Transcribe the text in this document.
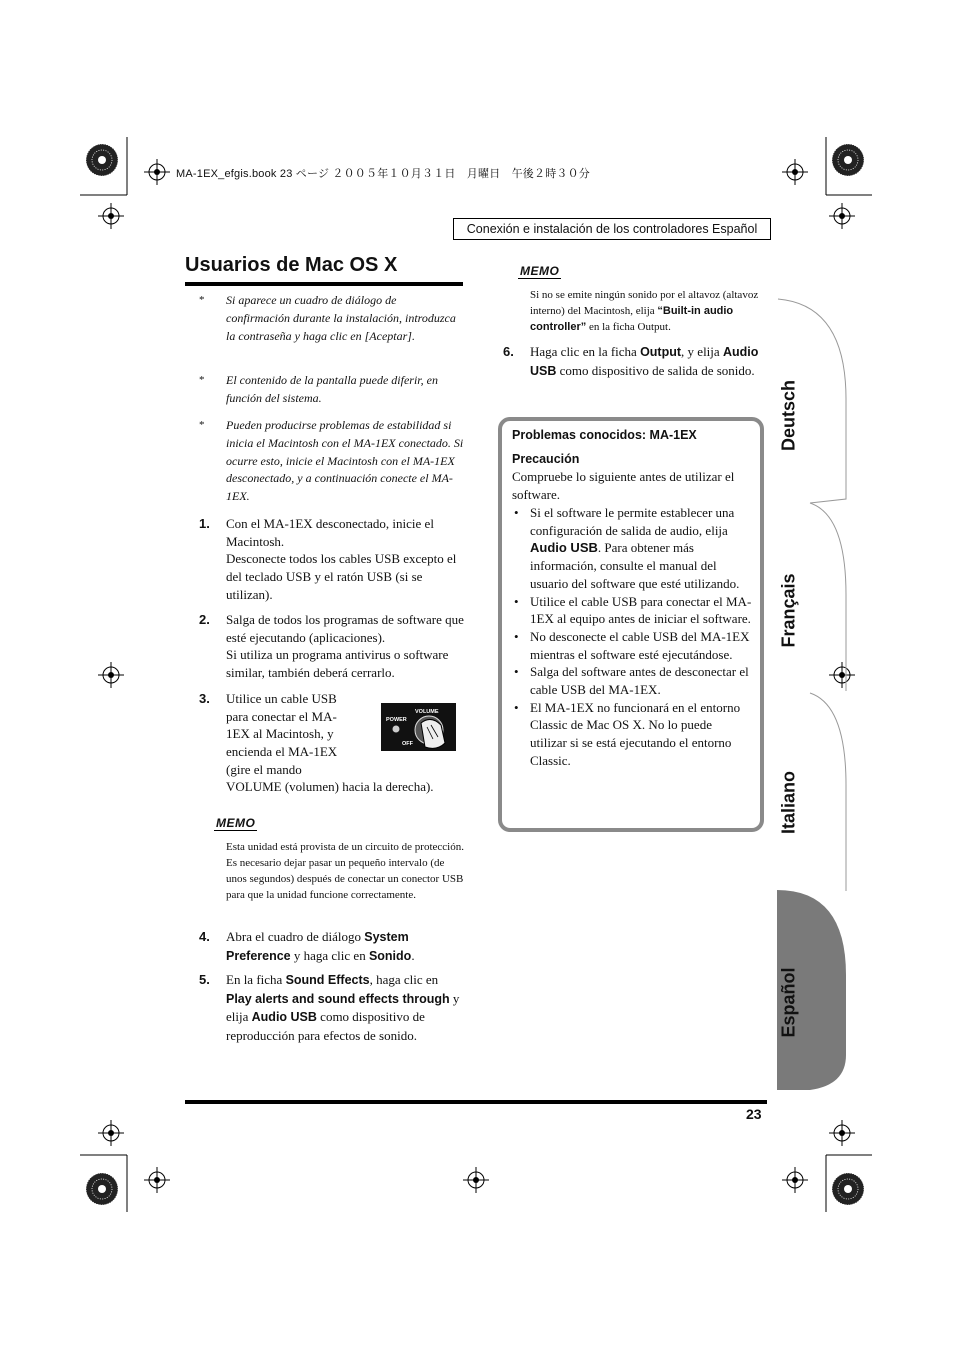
MA-1EX_efgis.book 23 ページ ２００５年１０月３１日　月曜日　午後２時３０分
Conexión e instalación de los controladores Español
Usuarios de Mac OS X
* Si aparece un cuadro de diálogo de confirmación durante la instalación, introduzca la contraseña y haga clic en [Aceptar].
* El contenido de la pantalla puede diferir, en función del sistema.
* Pueden producirse problemas de estabilidad si inicia el Macintosh con el MA-1EX conectado. Si ocurre esto, inicie el Macintosh con el MA-1EX desconectado, y a continuación conecte el MA-1EX.
1. Con el MA-1EX desconectado, inicie el Macintosh.
Desconecte todos los cables USB excepto el del teclado USB y el ratón USB (si se utilizan).
2. Salga de todos los programas de software que esté ejecutando (aplicaciones).
Si utiliza un programa antivirus o software similar, también deberá cerrarlo.
3. Utilice un cable USB para conectar el MA-1EX al Macintosh, y encienda el MA-1EX (gire el mando
VOLUME (volumen) hacia la derecha).
VOLUME
POWER
OFF
MEMO
Esta unidad está provista de un circuito de protección. Es necesario dejar pasar un pequeño intervalo (de unos segundos) después de conectar un conector USB para que la unidad funcione correctamente.
4. Abra el cuadro de diálogo System Preference y haga clic en Sonido.
5. En la ficha Sound Effects, haga clic en Play alerts and sound effects through y elija Audio USB como dispositivo de reproducción para efectos de sonido.
MEMO
Si no se emite ningún sonido por el altavoz (altavoz interno) del Macintosh, elija “Built-in audio controller” en la ficha Output.
6. Haga clic en la ficha Output, y elija Audio USB como dispositivo de salida de sonido.
Problemas conocidos: MA-1EX
Precaución
Compruebe lo siguiente antes de utilizar el software.
• Si el software le permite establecer una configuración de salida de audio, elija Audio USB. Para obtener más información, consulte el manual del usuario del software que esté utilizando.
• Utilice el cable USB para conectar el MA-1EX al equipo antes de iniciar el software.
• No desconecte el cable USB del MA-1EX mientras el software esté ejecutándose.
• Salga del software antes de desconectar el cable USB del MA-1EX.
• El MA-1EX no funcionará en el entorno Classic de Mac OS X. No lo puede utilizar si se está ejecutando el entorno Classic.
Deutsch
Français
Italiano
Español
23
